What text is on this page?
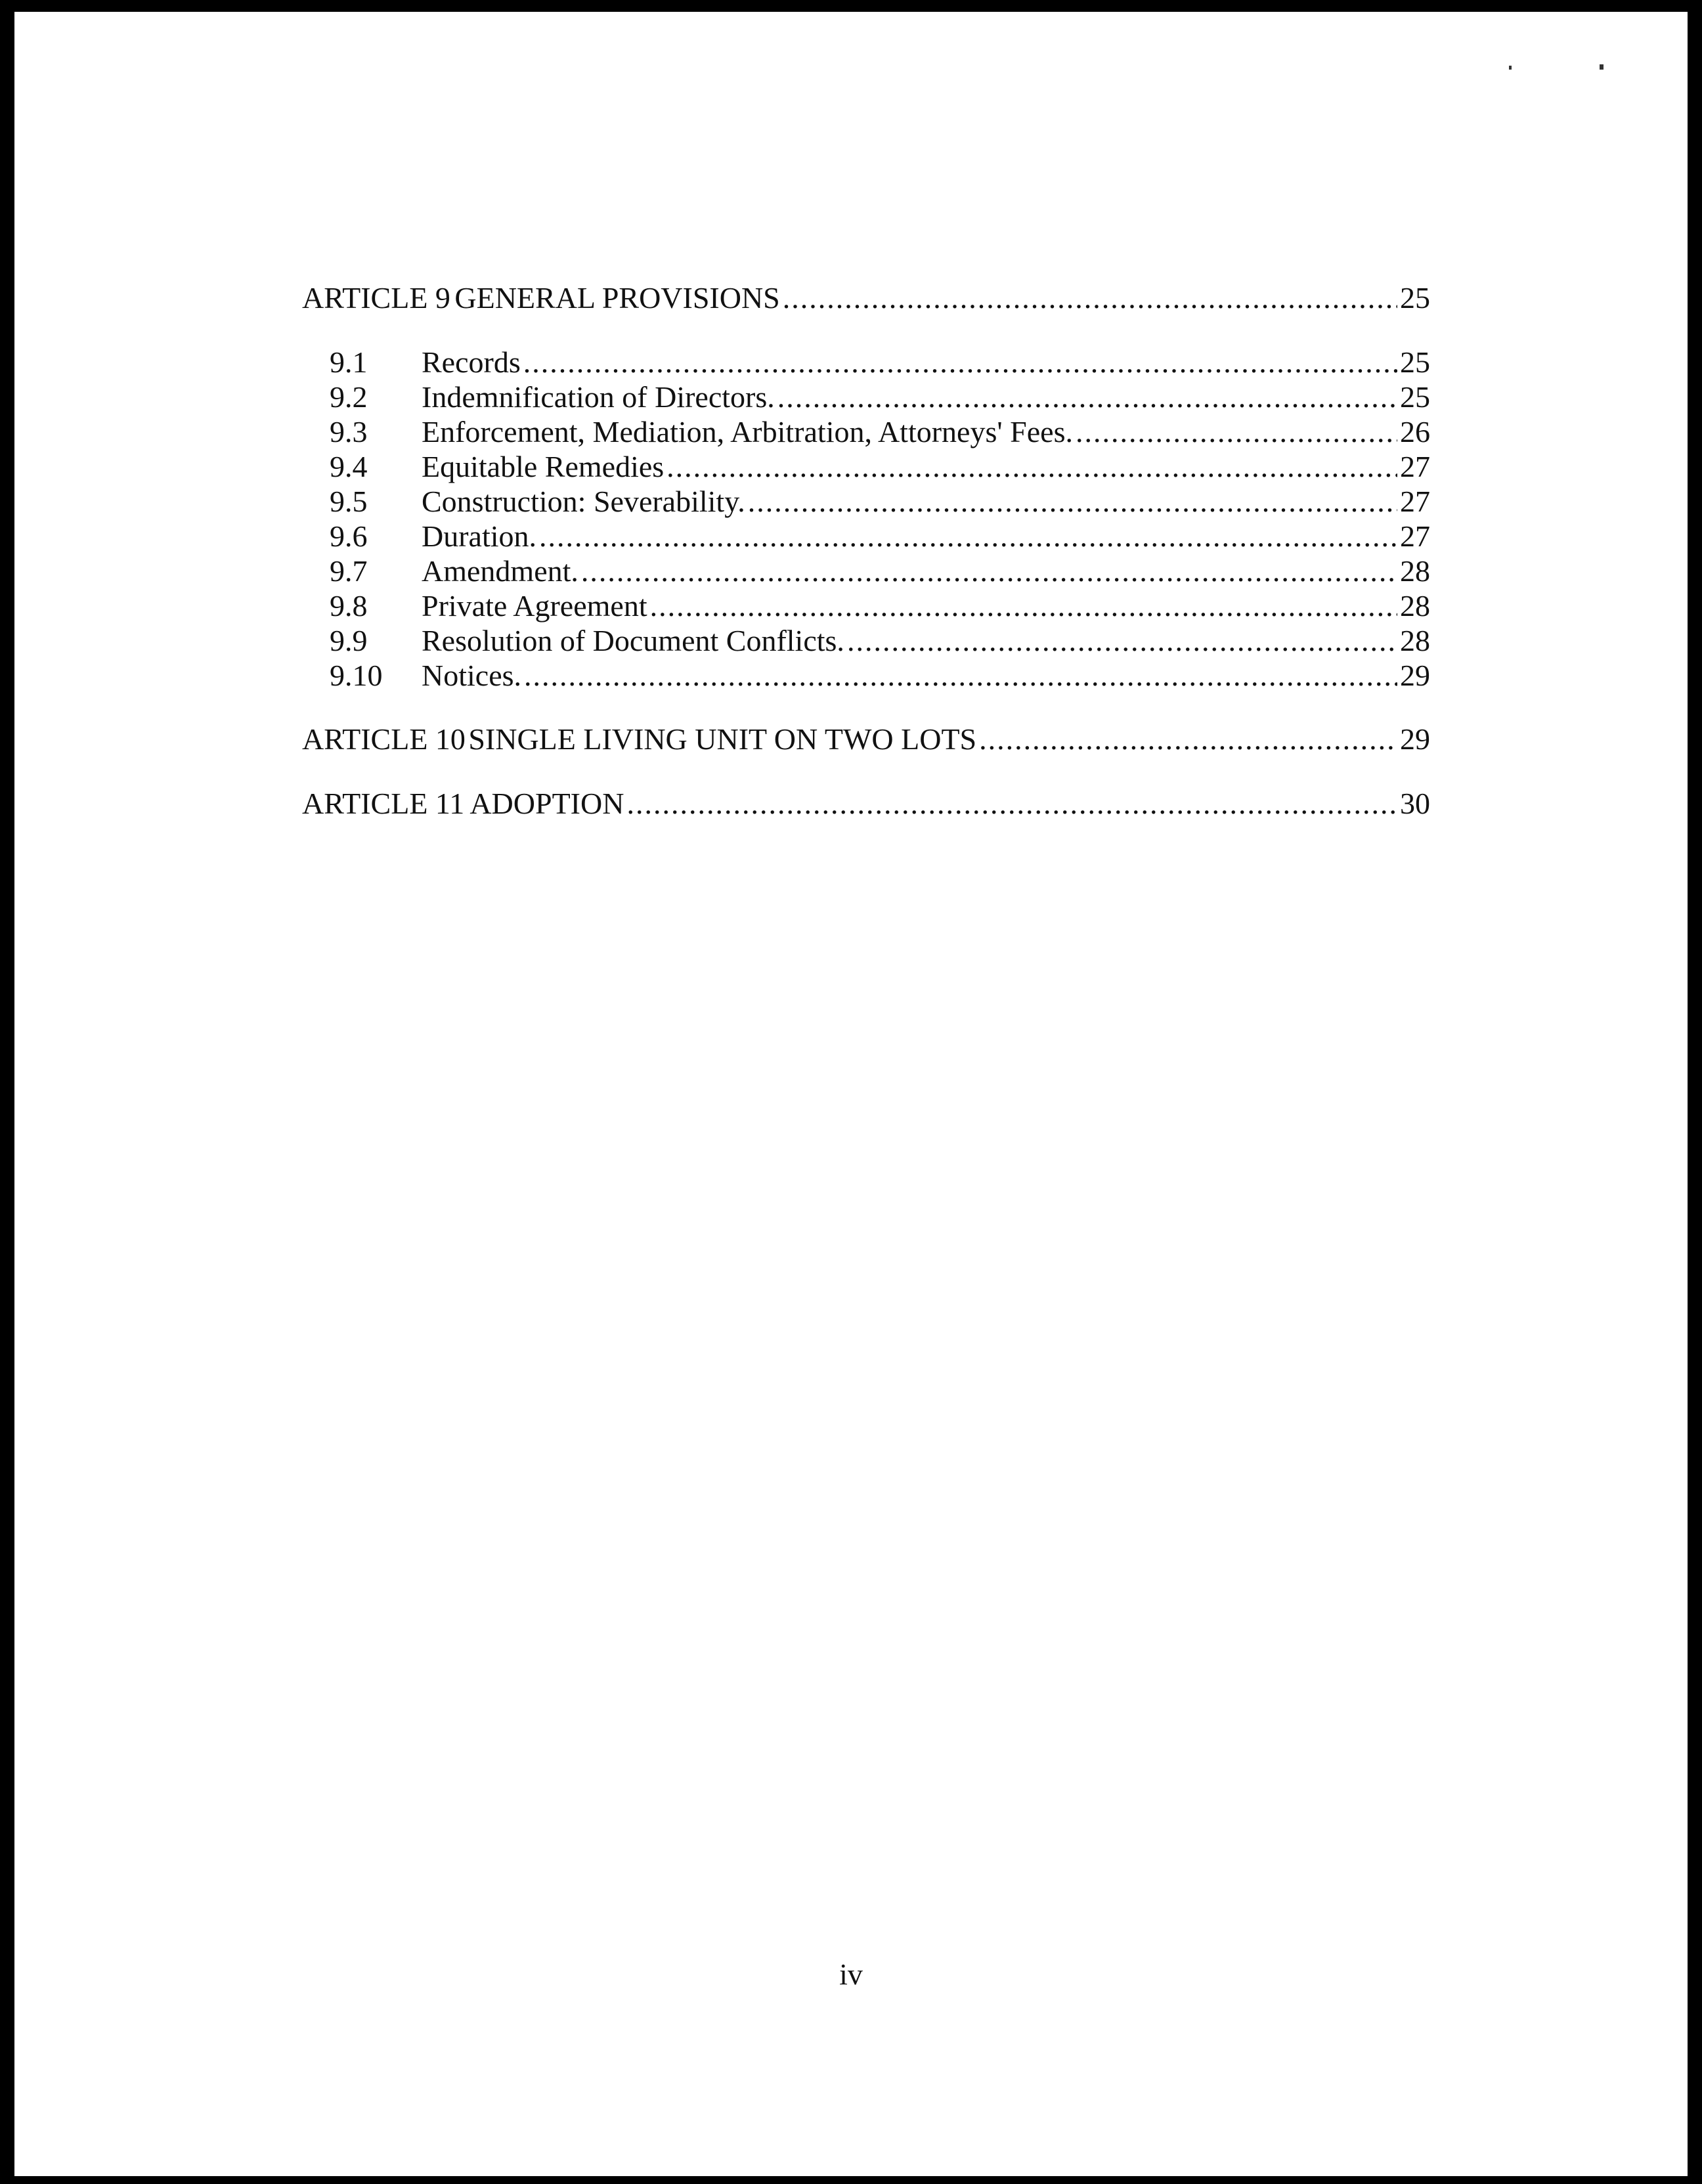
ARTICLE 9 GENERAL PROVISIONS .....	25
9.1	Records .....	25
9.2	Indemnification of Directors. .....	25
9.3	Enforcement, Mediation, Arbitration, Attorneys' Fees. .....	26
9.4	Equitable Remedies .....	27
9.5	Construction: Severability. .....	27
9.6	Duration. .....	27
9.7	Amendment. .....	28
9.8	Private Agreement .....	28
9.9	Resolution of Document Conflicts. .....	28
9.10	Notices. .....	29
ARTICLE 10 SINGLE LIVING UNIT ON TWO LOTS .....	29
ARTICLE 11 ADOPTION .....	30
iv
